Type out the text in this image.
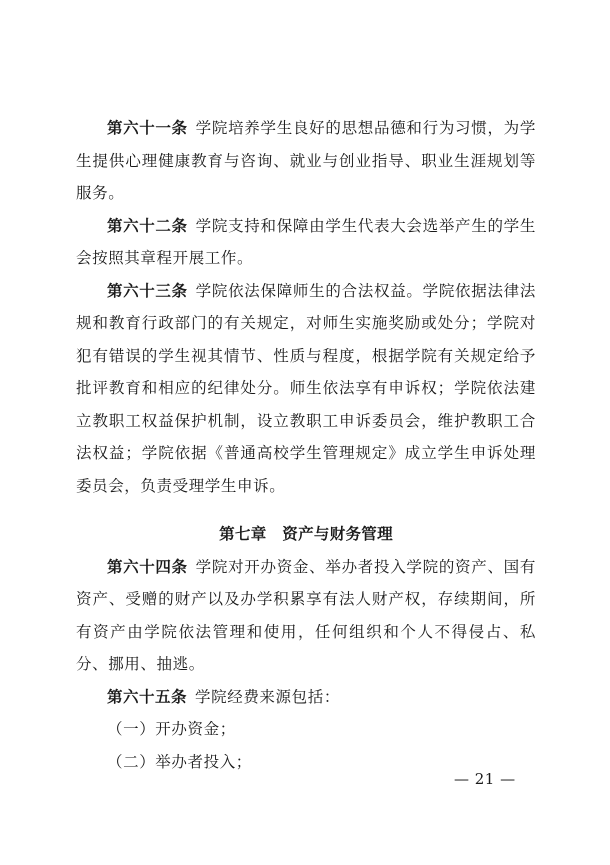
第六十一条 学院培养学生良好的思想品德和行为习惯，为学生提供心理健康教育与咨询、就业与创业指导、职业生涯规划等服务。

第六十二条 学院支持和保障由学生代表大会选举产生的学生会按照其章程开展工作。

第六十三条 学院依法保障师生的合法权益。学院依据法律法规和教育行政部门的有关规定，对师生实施奖励或处分；学院对犯有错误的学生视其情节、性质与程度，根据学院有关规定给予批评教育和相应的纪律处分。师生依法享有申诉权；学院依法建立教职工权益保护机制，设立教职工申诉委员会，维护教职工合法权益；学院依据《普通高校学生管理规定》成立学生申诉处理委员会，负责受理学生申诉。

第七章　资产与财务管理

第六十四条 学院对开办资金、举办者投入学院的资产、国有资产、受赠的财产以及办学积累享有法人财产权，存续期间，所有资产由学院依法管理和使用，任何组织和个人不得侵占、私分、挪用、抽逃。

第六十五条 学院经费来源包括：

（一）开办资金；

（二）举办者投入；

— 21 —
